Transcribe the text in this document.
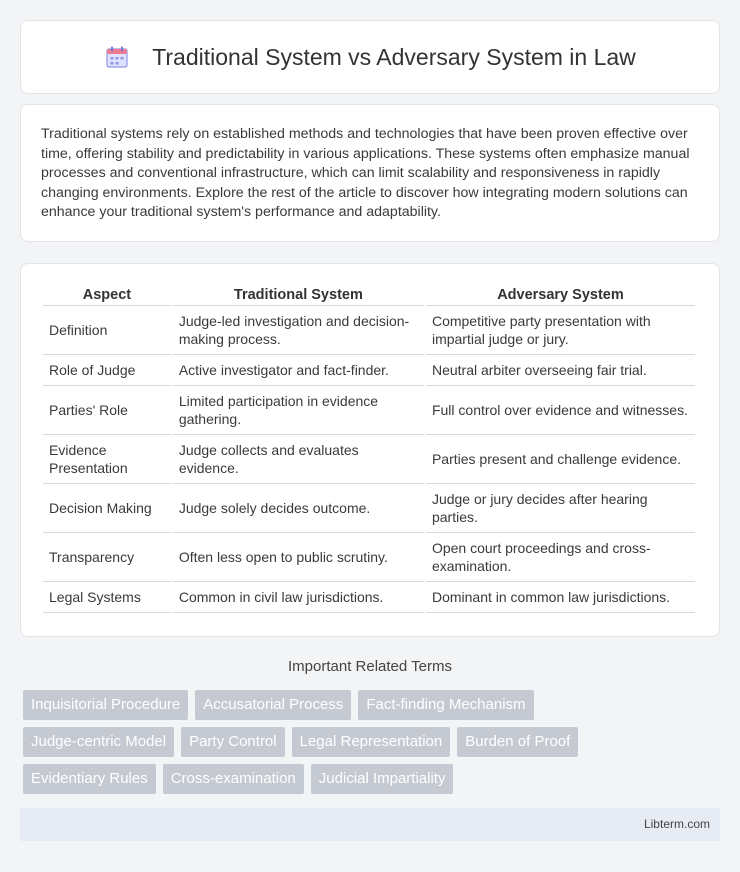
Traditional System vs Adversary System in Law

Traditional systems rely on established methods and technologies that have been proven effective over time, offering stability and predictability in various applications. These systems often emphasize manual processes and conventional infrastructure, which can limit scalability and responsiveness in rapidly changing environments. Explore the rest of the article to discover how integrating modern solutions can enhance your traditional system's performance and adaptability.

Aspect	Traditional System	Adversary System
Definition	Judge-led investigation and decision-making process.	Competitive party presentation with impartial judge or jury.
Role of Judge	Active investigator and fact-finder.	Neutral arbiter overseeing fair trial.
Parties' Role	Limited participation in evidence gathering.	Full control over evidence and witnesses.
Evidence Presentation	Judge collects and evaluates evidence.	Parties present and challenge evidence.
Decision Making	Judge solely decides outcome.	Judge or jury decides after hearing parties.
Transparency	Often less open to public scrutiny.	Open court proceedings and cross-examination.
Legal Systems	Common in civil law jurisdictions.	Dominant in common law jurisdictions.
Important Related Terms
Inquisitorial Procedure	Accusatorial Process	Fact-finding Mechanism
Judge-centric Model	Party Control	Legal Representation	Burden of Proof
Evidentiary Rules	Cross-examination	Judicial Impartiality
Libterm.com
